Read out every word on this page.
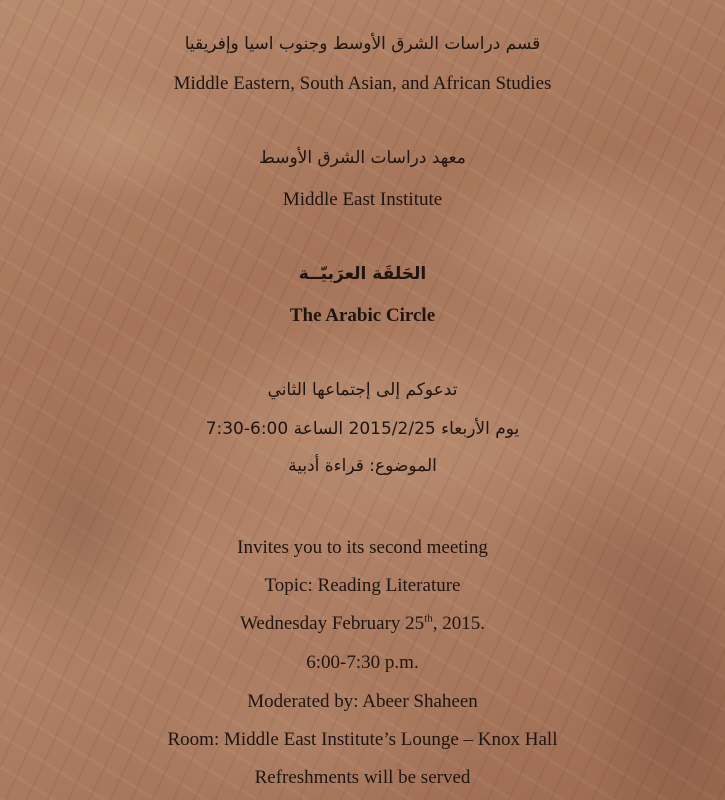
قسم دراسات الشرق الأوسط وجنوب اسيا وإفريقيا
Middle Eastern, South Asian, and African Studies
معهد دراسات الشرق الأوسط
Middle East Institute
الحَلقَة العرَبيّــة
The Arabic Circle
تدعوكم إلى إجتماعها الثاني
يوم الأربعاء 2015/2/25 الساعة 6:00-7:30
الموضوع: قراءة أدبية
Invites you to its second meeting
Topic: Reading Literature
Wednesday February 25th, 2015.
6:00-7:30 p.m.
Moderated by: Abeer Shaheen
Room: Middle East Institute’s Lounge – Knox Hall
Refreshments will be served
